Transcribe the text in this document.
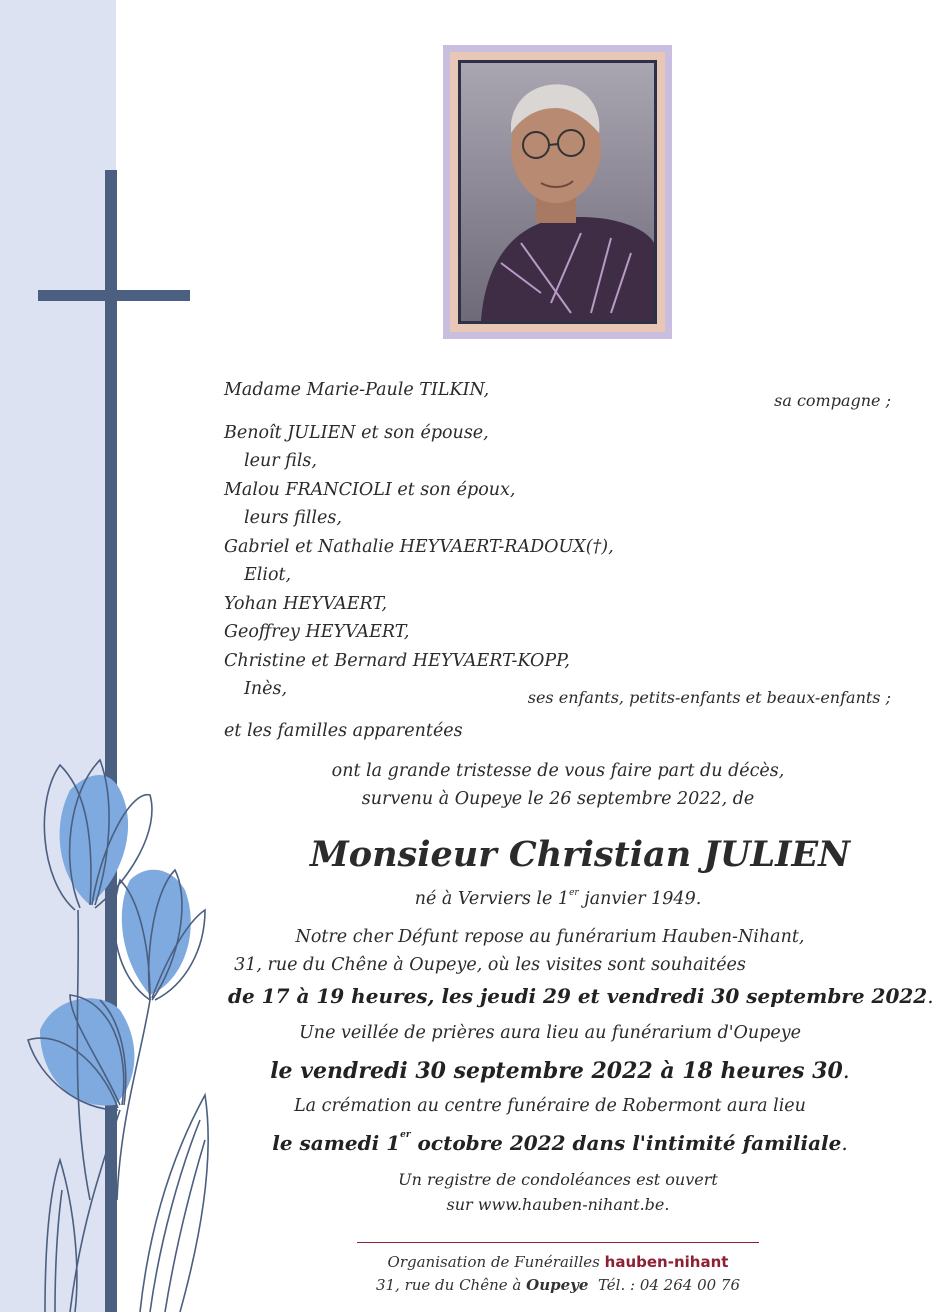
Madame Marie-Paule TILKIN,
sa compagne ;
Benoît JULIEN et son épouse,
leur fils,
Malou FRANCIOLI et son époux,
leurs filles,
Gabriel et Nathalie HEYVAERT-RADOUX(†),
Eliot,
Yohan HEYVAERT,
Geoffrey HEYVAERT,
Christine et Bernard HEYVAERT-KOPP,
Inès,	ses enfants, petits-enfants et beaux-enfants ;
et les familles apparentées
ont la grande tristesse de vous faire part du décès,
survenu à Oupeye le 26 septembre 2022, de
Monsieur Christian JULIEN
né à Verviers le 1er janvier 1949.
Notre cher Défunt repose au funérarium Hauben-Nihant,
31, rue du Chêne à Oupeye, où les visites sont souhaitées
de 17 à 19 heures, les jeudi 29 et vendredi 30 septembre 2022.
Une veillée de prières aura lieu au funérarium d'Oupeye
le vendredi 30 septembre 2022 à 18 heures 30.
La crémation au centre funéraire de Robermont aura lieu
le samedi 1er octobre 2022 dans l'intimité familiale.
Un registre de condoléances est ouvert
sur www.hauben-nihant.be.
Organisation de Funérailles hauben-nihant
31, rue du Chêne à Oupeye Tél. : 04 264 00 76
